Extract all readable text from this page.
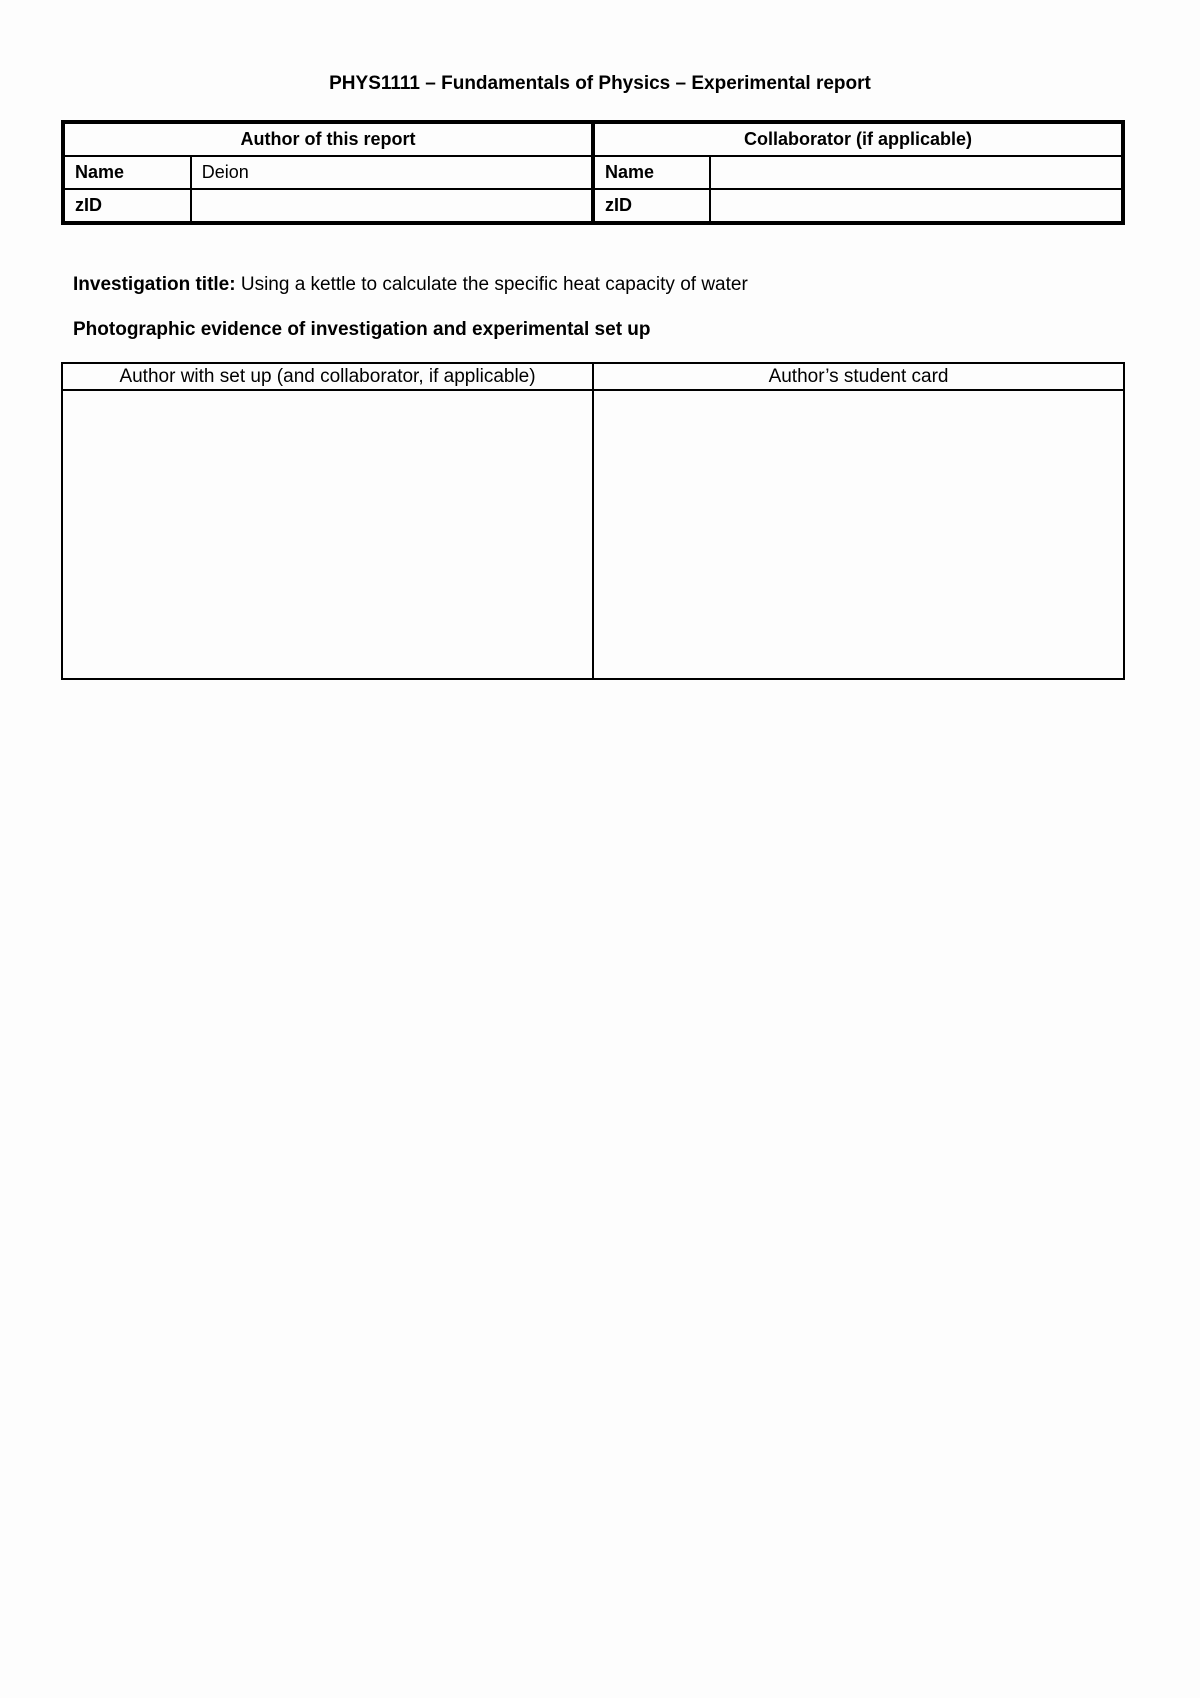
PHYS1111 – Fundamentals of Physics – Experimental report
Author of this report		Collaborator (if applicable)	
Name	Deion	Name	
zID		zID	
Investigation title: Using a kettle to calculate the specific heat capacity of water
Photographic evidence of investigation and experimental set up
Author with set up (and collaborator, if applicable)	Author’s student card
